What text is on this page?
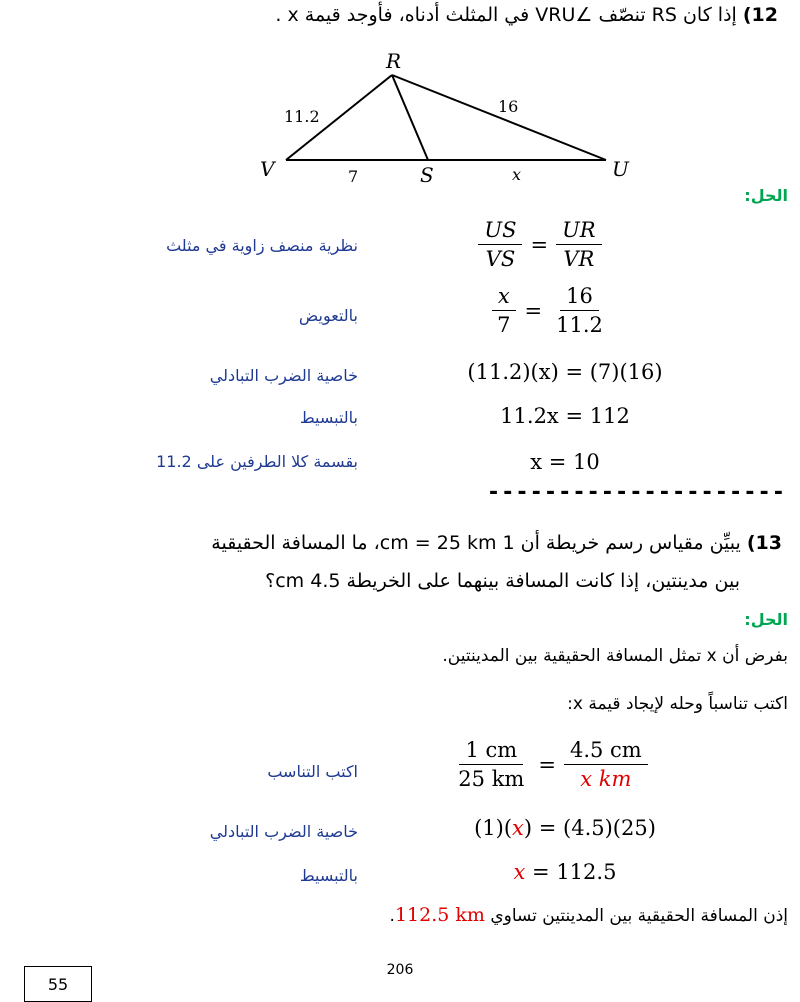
12) إذا كان RS تنصّف ∠VRU في المثلث أدناه، فأوجد قيمة x .
R
V	S	U
11.2
16
7	x
الحل:
نظرية منصف زاوية في مثلث	$\frac{US}{VS} = \frac{UR}{VR}$
بالتعويض	$\frac{x}{7} = \frac{16}{11.2}$
خاصية الضرب التبادلي	(11.2)(x) = (7)(16)
بالتبسيط	11.2x = 112
بقسمة كلا الطرفين على 11.2	x = 10
---------------------
13) يبيِّن مقياس رسم خريطة أن 1 cm = 25 km، ما المسافة الحقيقية
بين مدينتين، إذا كانت المسافة بينهما على الخريطة 4.5 cm؟
الحل:
بفرض أن x تمثل المسافة الحقيقية بين المدينتين.
اكتب تناسباً وحله لإيجاد قيمة x:
اكتب التناسب	$\frac{1 cm}{25 km} = \frac{4.5 cm}{\text{x km}}$
خاصية الضرب التبادلي	(1)(x) = (4.5)(25)
بالتبسيط	x = 112.5
إذن المسافة الحقيقية بين المدينتين تساوي 112.5 km.
206
55
